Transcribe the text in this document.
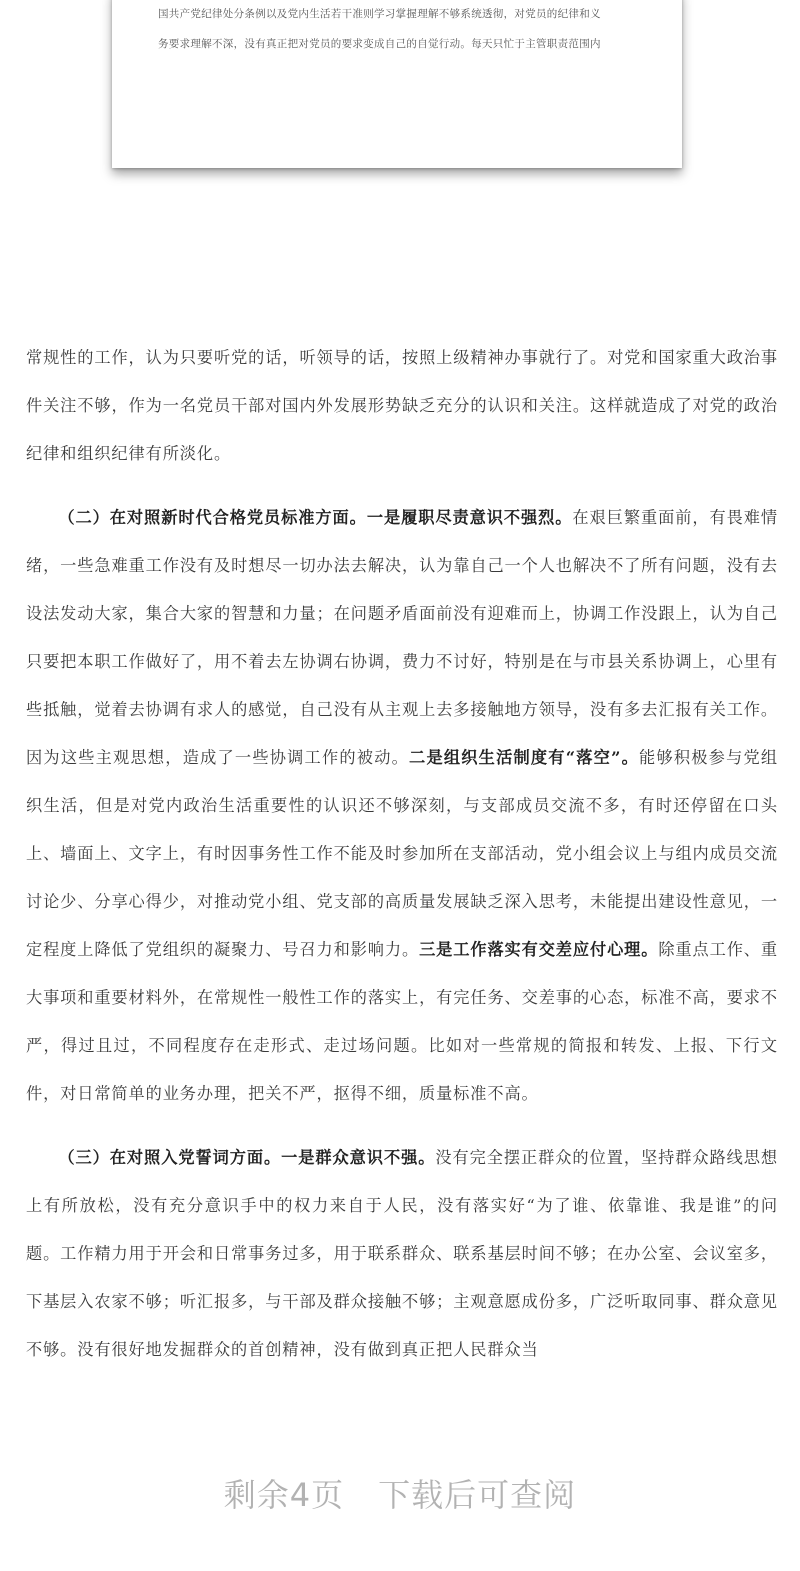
国共产党纪律处分条例以及党内生活若干准则学习掌握理解不够系统透彻，对党员的纪律和义
务要求理解不深，没有真正把对党员的要求变成自己的自觉行动。每天只忙于主管职责范围内

常规性的工作，认为只要听党的话，听领导的话，按照上级精神办事就行了。对党和国家重大政治事件关注不够，作为一名党员干部对国内外发展形势缺乏充分的认识和关注。这样就造成了对党的政治纪律和组织纪律有所淡化。

（二）在对照新时代合格党员标准方面。一是履职尽责意识不强烈。在艰巨繁重面前，有畏难情绪，一些急难重工作没有及时想尽一切办法去解决，认为靠自己一个人也解决不了所有问题，没有去设法发动大家，集合大家的智慧和力量；在问题矛盾面前没有迎难而上，协调工作没跟上，认为自己只要把本职工作做好了，用不着去左协调右协调，费力不讨好，特别是在与市县关系协调上，心里有些抵触，觉着去协调有求人的感觉，自己没有从主观上去多接触地方领导，没有多去汇报有关工作。因为这些主观思想，造成了一些协调工作的被动。二是组织生活制度有“落空”。能够积极参与党组织生活，但是对党内政治生活重要性的认识还不够深刻，与支部成员交流不多，有时还停留在口头上、墙面上、文字上，有时因事务性工作不能及时参加所在支部活动，党小组会议上与组内成员交流讨论少、分享心得少，对推动党小组、党支部的高质量发展缺乏深入思考，未能提出建设性意见，一定程度上降低了党组织的凝聚力、号召力和影响力。三是工作落实有交差应付心理。除重点工作、重大事项和重要材料外，在常规性一般性工作的落实上，有完任务、交差事的心态，标准不高，要求不严，得过且过，不同程度存在走形式、走过场问题。比如对一些常规的简报和转发、上报、下行文件，对日常简单的业务办理，把关不严，抠得不细，质量标准不高。

（三）在对照入党誓词方面。一是群众意识不强。没有完全摆正群众的位置，坚持群众路线思想上有所放松，没有充分意识手中的权力来自于人民，没有落实好“为了谁、依靠谁、我是谁”的问题。工作精力用于开会和日常事务过多，用于联系群众、联系基层时间不够；在办公室、会议室多，下基层入农家不够；听汇报多，与干部及群众接触不够；主观意愿成份多，广泛听取同事、群众意见不够。没有很好地发掘群众的首创精神，没有做到真正把人民群众当

剩余4页 下载后可查阅
